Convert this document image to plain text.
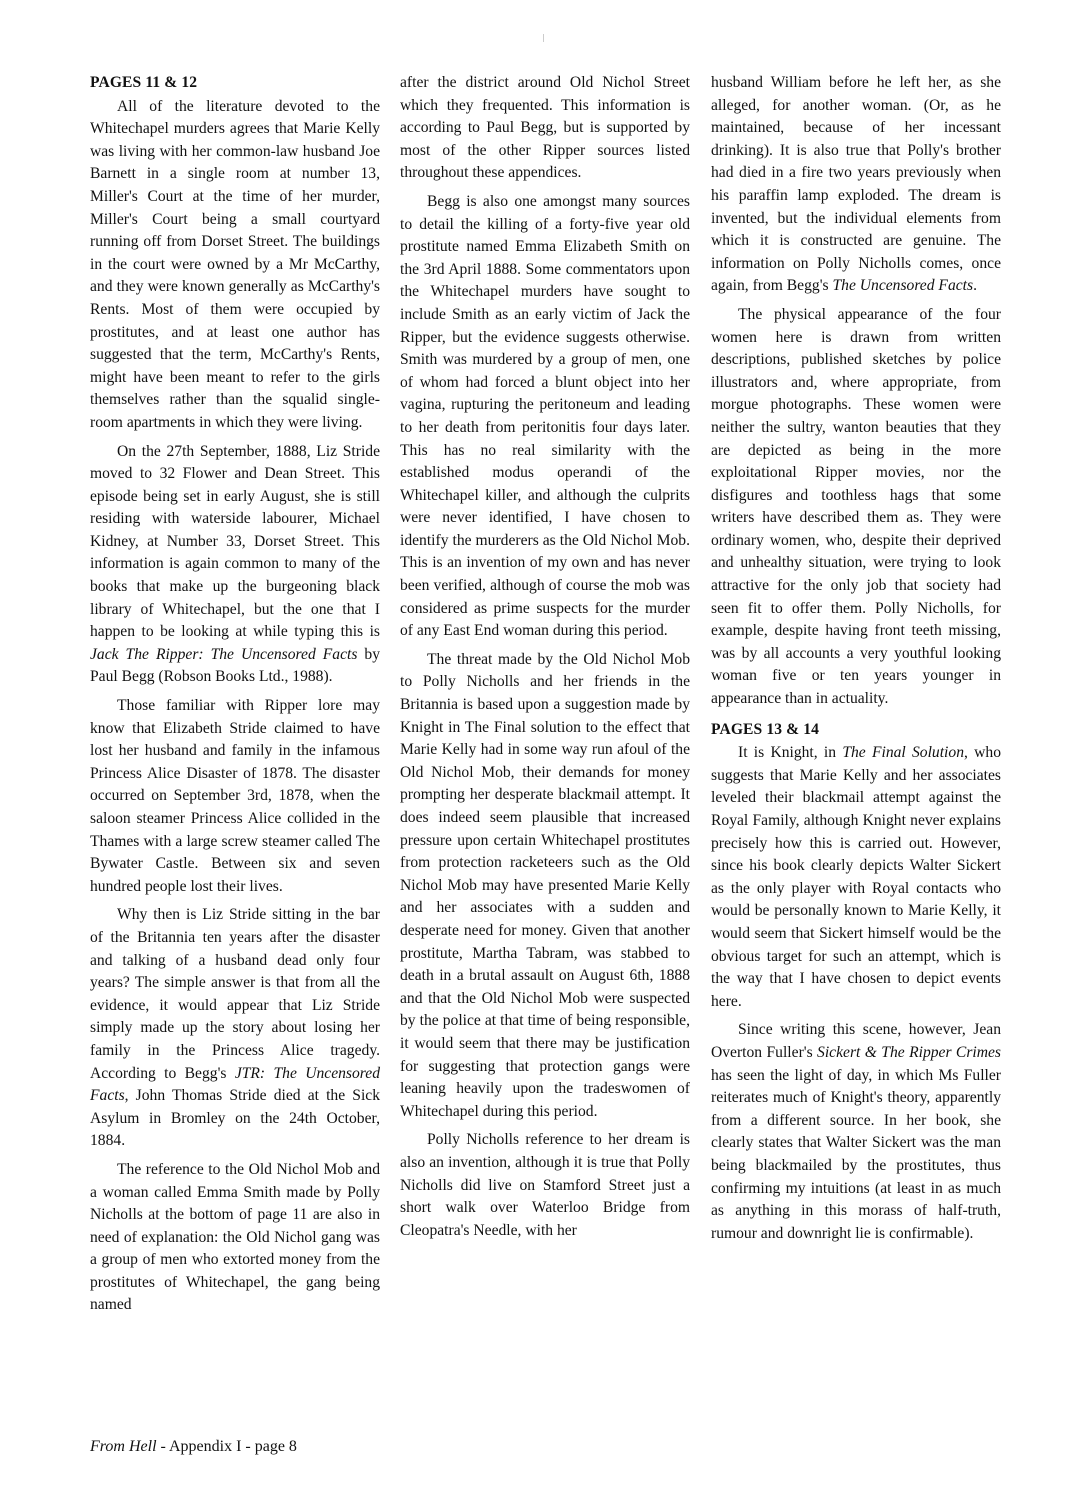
PAGES 11 & 12

All of the literature devoted to the Whitechapel murders agrees that Marie Kelly was living with her common-law husband Joe Barnett in a single room at number 13, Miller's Court at the time of her murder, Miller's Court being a small courtyard running off from Dorset Street. The buildings in the court were owned by a Mr McCarthy, and they were known generally as McCarthy's Rents. Most of them were occupied by prostitutes, and at least one author has suggested that the term, McCarthy's Rents, might have been meant to refer to the girls themselves rather than the squalid single-room apartments in which they were living.

On the 27th September, 1888, Liz Stride moved to 32 Flower and Dean Street. This episode being set in early August, she is still residing with waterside labourer, Michael Kidney, at Number 33, Dorset Street. This information is again common to many of the books that make up the burgeoning black library of Whitechapel, but the one that I happen to be looking at while typing this is Jack The Ripper: The Uncensored Facts by Paul Begg (Robson Books Ltd., 1988).

Those familiar with Ripper lore may know that Elizabeth Stride claimed to have lost her husband and family in the infamous Princess Alice Disaster of 1878. The disaster occurred on September 3rd, 1878, when the saloon steamer Princess Alice collided in the Thames with a large screw steamer called The Bywater Castle. Between six and seven hundred people lost their lives.

Why then is Liz Stride sitting in the bar of the Britannia ten years after the disaster and talking of a husband dead only four years? The simple answer is that from all the evidence, it would appear that Liz Stride simply made up the story about losing her family in the Princess Alice tragedy. According to Begg's JTR: The Uncensored Facts, John Thomas Stride died at the Sick Asylum in Bromley on the 24th October, 1884.

The reference to the Old Nichol Mob and a woman called Emma Smith made by Polly Nicholls at the bottom of page 11 are also in need of explanation: the Old Nichol gang was a group of men who extorted money from the prostitutes of Whitechapel, the gang being named

after the district around Old Nichol Street which they frequented. This information is according to Paul Begg, but is supported by most of the other Ripper sources listed throughout these appendices.

Begg is also one amongst many sources to detail the killing of a forty-five year old prostitute named Emma Elizabeth Smith on the 3rd April 1888. Some commentators upon the Whitechapel murders have sought to include Smith as an early victim of Jack the Ripper, but the evidence suggests otherwise. Smith was murdered by a group of men, one of whom had forced a blunt object into her vagina, rupturing the peritoneum and leading to her death from peritonitis four days later. This has no real similarity with the established modus operandi of the Whitechapel killer, and although the culprits were never identified, I have chosen to identify the murderers as the Old Nichol Mob. This is an invention of my own and has never been verified, although of course the mob was considered as prime suspects for the murder of any East End woman during this period.

The threat made by the Old Nichol Mob to Polly Nicholls and her friends in the Britannia is based upon a suggestion made by Knight in The Final solution to the effect that Marie Kelly had in some way run afoul of the Old Nichol Mob, their demands for money prompting her desperate blackmail attempt. It does indeed seem plausible that increased pressure upon certain Whitechapel prostitutes from protection racketeers such as the Old Nichol Mob may have presented Marie Kelly and her associates with a sudden and desperate need for money. Given that another prostitute, Martha Tabram, was stabbed to death in a brutal assault on August 6th, 1888 and that the Old Nichol Mob were suspected by the police at that time of being responsible, it would seem that there may be justification for suggesting that protection gangs were leaning heavily upon the tradeswomen of Whitechapel during this period.

Polly Nicholls reference to her dream is also an invention, although it is true that Polly Nicholls did live on Stamford Street just a short walk over Waterloo Bridge from Cleopatra's Needle, with her

husband William before he left her, as she alleged, for another woman. (Or, as he maintained, because of her incessant drinking). It is also true that Polly's brother had died in a fire two years previously when his paraffin lamp exploded. The dream is invented, but the individual elements from which it is constructed are genuine. The information on Polly Nicholls comes, once again, from Begg's The Uncensored Facts.

The physical appearance of the four women here is drawn from written descriptions, published sketches by police illustrators and, where appropriate, from morgue photographs. These women were neither the sultry, wanton beauties that they are depicted as being in the more exploitational Ripper movies, nor the disfigures and toothless hags that some writers have described them as. They were ordinary women, who, despite their deprived and unhealthy situation, were trying to look attractive for the only job that society had seen fit to offer them. Polly Nicholls, for example, despite having front teeth missing, was by all accounts a very youthful looking woman five or ten years younger in appearance than in actuality.

PAGES 13 & 14

It is Knight, in The Final Solution, who suggests that Marie Kelly and her associates leveled their blackmail attempt against the Royal Family, although Knight never explains precisely how this is carried out. However, since his book clearly depicts Walter Sickert as the only player with Royal contacts who would be personally known to Marie Kelly, it would seem that Sickert himself would be the obvious target for such an attempt, which is the way that I have chosen to depict events here.

Since writing this scene, however, Jean Overton Fuller's Sickert & The Ripper Crimes has seen the light of day, in which Ms Fuller reiterates much of Knight's theory, apparently from a different source. In her book, she clearly states that Walter Sickert was the man being blackmailed by the prostitutes, thus confirming my intuitions (at least in as much as anything in this morass of half-truth, rumour and downright lie is confirmable).

From Hell - Appendix I - page 8
